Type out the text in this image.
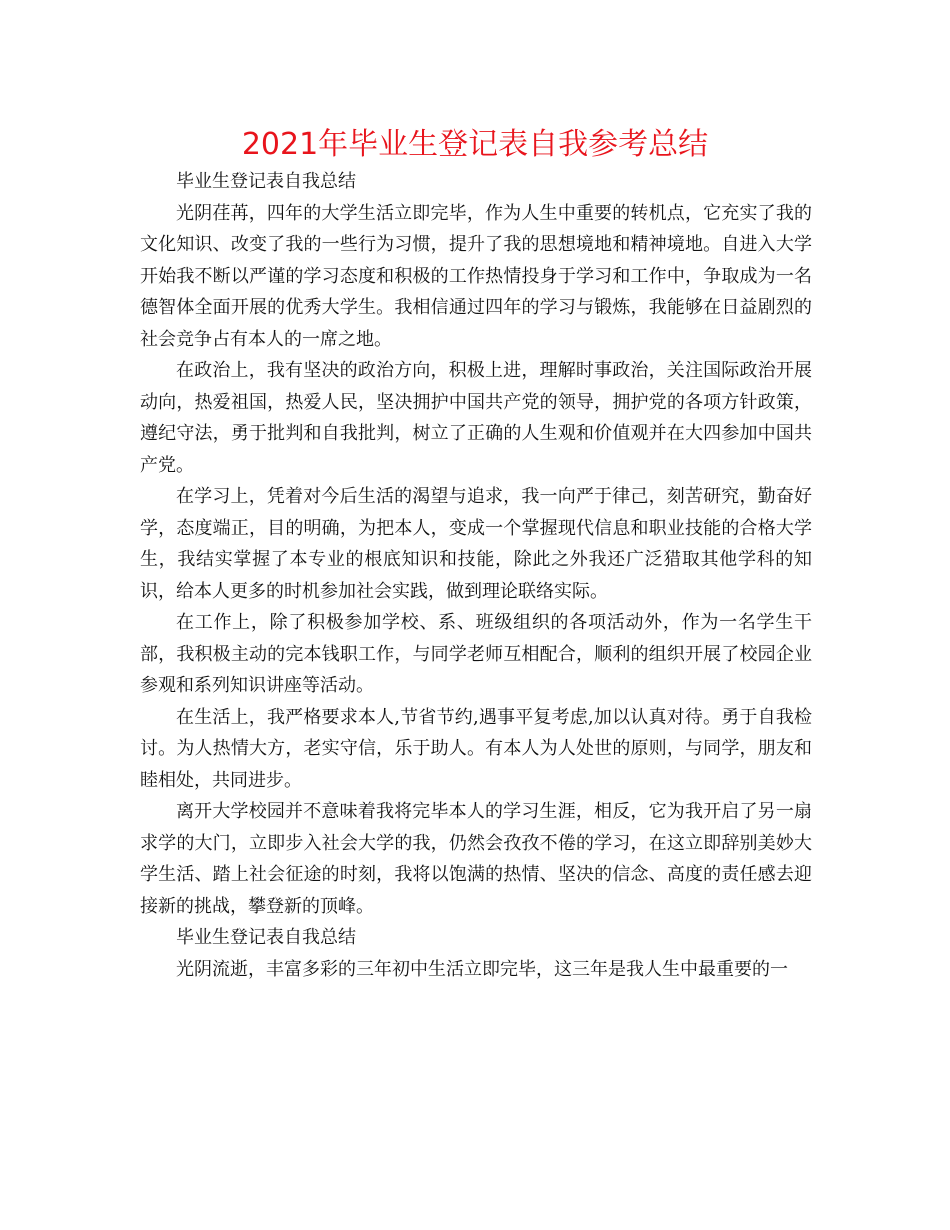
2021年毕业生登记表自我参考总结

毕业生登记表自我总结

光阴荏苒，四年的大学生活立即完毕，作为人生中重要的转机点，它充实了我的文化知识、改变了我的一些行为习惯，提升了我的思想境地和精神境地。自进入大学开始我不断以严谨的学习态度和积极的工作热情投身于学习和工作中，争取成为一名德智体全面开展的优秀大学生。我相信通过四年的学习与锻炼，我能够在日益剧烈的社会竞争占有本人的一席之地。

在政治上，我有坚决的政治方向，积极上进，理解时事政治，关注国际政治开展动向，热爱祖国，热爱人民，坚决拥护中国共产党的领导，拥护党的各项方针政策，遵纪守法，勇于批判和自我批判，树立了正确的人生观和价值观并在大四参加中国共产党。

在学习上，凭着对今后生活的渴望与追求，我一向严于律己，刻苦研究，勤奋好学，态度端正，目的明确，为把本人，变成一个掌握现代信息和职业技能的合格大学生，我结实掌握了本专业的根底知识和技能，除此之外我还广泛猎取其他学科的知识，给本人更多的时机参加社会实践，做到理论联络实际。

在工作上，除了积极参加学校、系、班级组织的各项活动外，作为一名学生干部，我积极主动的完本钱职工作，与同学老师互相配合，顺利的组织开展了校园企业参观和系列知识讲座等活动。

在生活上，我严格要求本人,节省节约,遇事平复考虑,加以认真对待。勇于自我检讨。为人热情大方，老实守信，乐于助人。有本人为人处世的原则，与同学，朋友和睦相处，共同进步。

离开大学校园并不意味着我将完毕本人的学习生涯，相反，它为我开启了另一扇求学的大门，立即步入社会大学的我，仍然会孜孜不倦的学习，在这立即辞别美妙大学生活、踏上社会征途的时刻，我将以饱满的热情、坚决的信念、高度的责任感去迎接新的挑战，攀登新的顶峰。

毕业生登记表自我总结

光阴流逝，丰富多彩的三年初中生活立即完毕，这三年是我人生中最重要的一
